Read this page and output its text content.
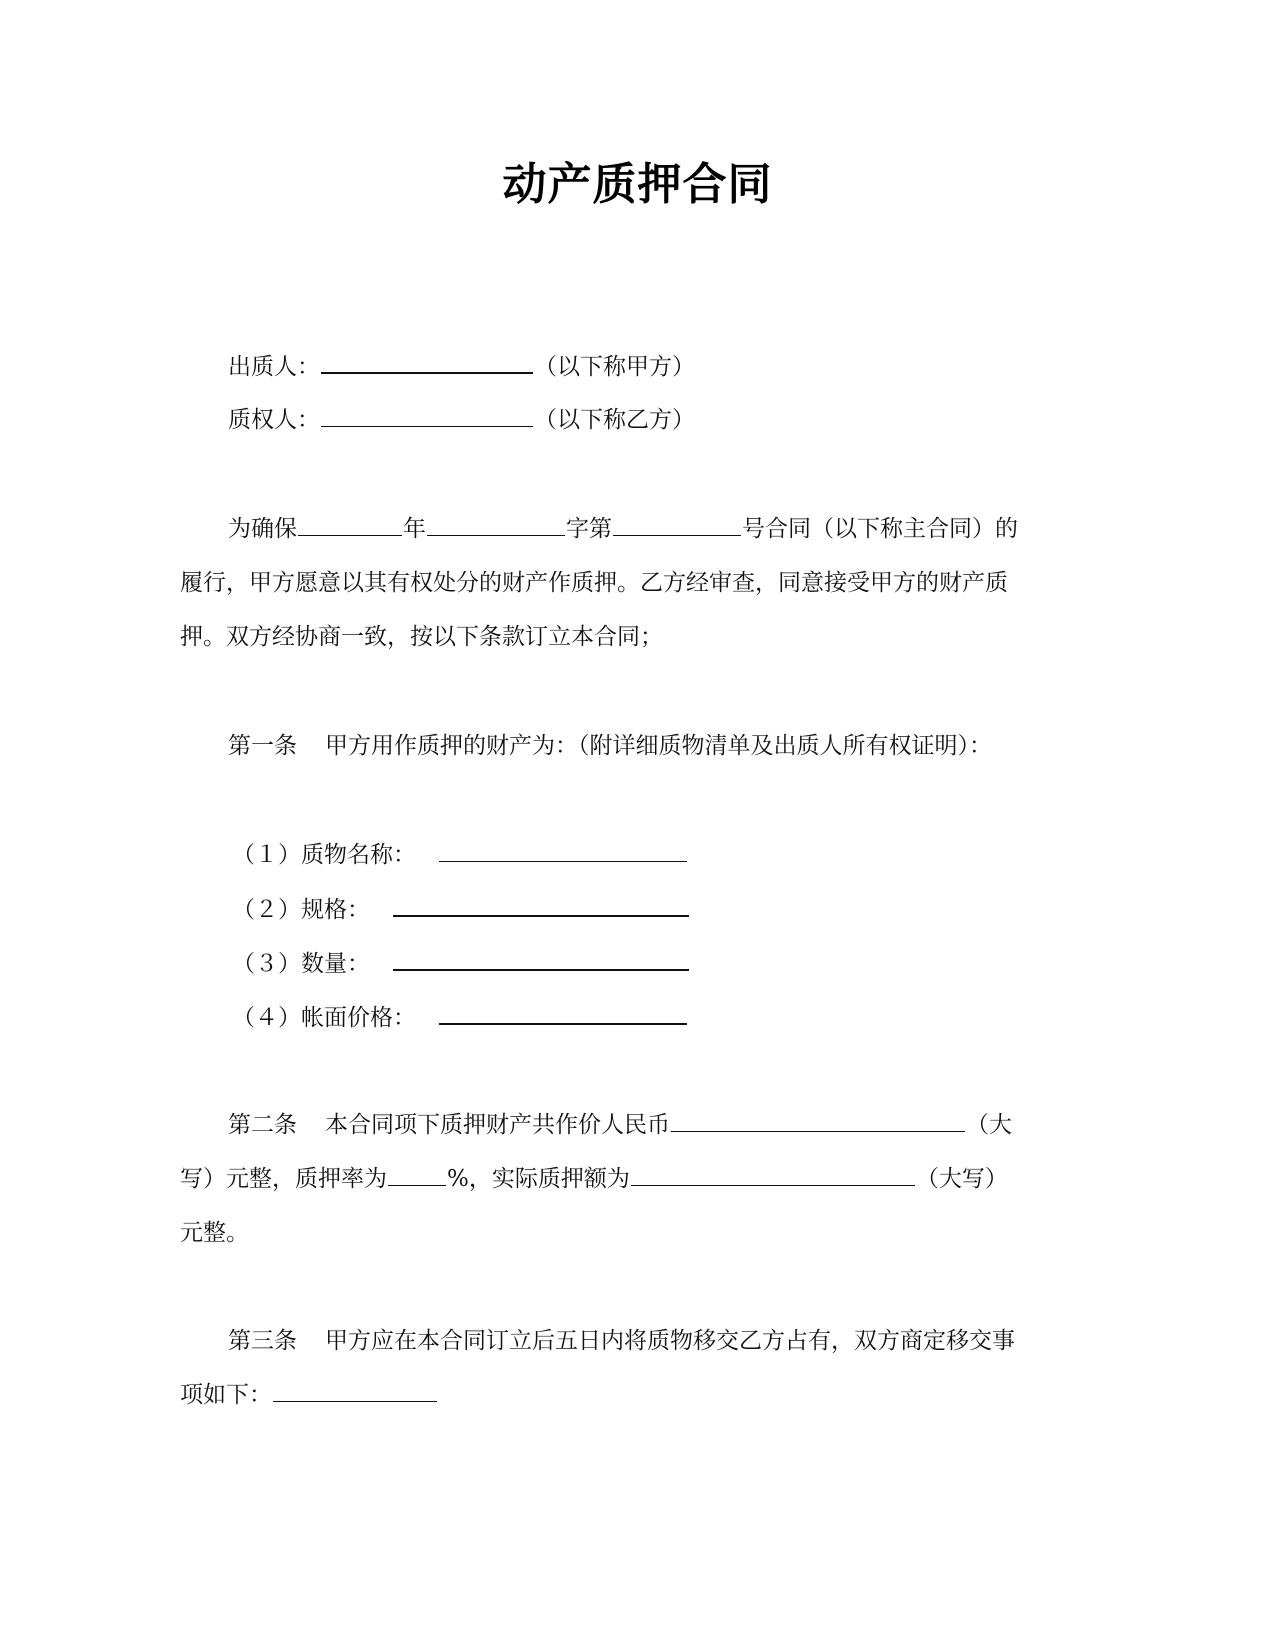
动产质押合同
出质人：	（以下称甲方）
质权人：	（以下称乙方）
为确保	年	字第	号合同（以下称主合同）的
履行，甲方愿意以其有权处分的财产作质押。乙方经审查，同意接受甲方的财产质
押。双方经协商一致，按以下条款订立本合同；
第一条 甲方用作质押的财产为：（附详细质物清单及出质人所有权证明）：
（１）质物名称：
（２）规格：
（３）数量：
（４）帐面价格：
第二条 本合同项下质押财产共作价人民币	（大
写）元整，质押率为	%，实际质押额为	（大写）
元整。
第三条 甲方应在本合同订立后五日内将质物移交乙方占有，双方商定移交事
项如下：
